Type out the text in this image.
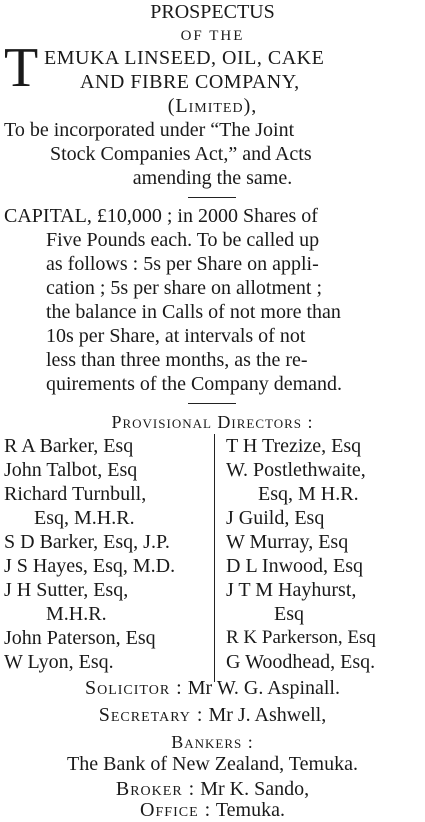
PROSPECTUS
OF THE
T EMUKA LINSEED, OIL, CAKE
AND FIBRE COMPANY,
(Limited),
To be incorporated under “The Joint
Stock Companies Act,” and Acts
amending the same.
CAPITAL, £10,000 ; in 2000 Shares of
Five Pounds each. To be called up
as follows : 5s per Share on appli-
cation ; 5s per share on allotment ;
the balance in Calls of not more than
10s per Share, at intervals of not
less than three months, as the re-
quirements of the Company demand.
Provisional Directors :
R A Barker, Esq
John Talbot, Esq
Richard Turnbull,
Esq, M.H.R.
S D Barker, Esq, J.P.
J S Hayes, Esq, M.D.
J H Sutter, Esq,
M.H.R.
John Paterson, Esq
W Lyon, Esq.
T H Trezize, Esq
W. Postlethwaite,
Esq, M H.R.
J Guild, Esq
W Murray, Esq
D L Inwood, Esq
J T M Hayhurst,
Esq
R K Parkerson, Esq
G Woodhead, Esq.
Solicitor : Mr W. G. Aspinall.
Secretary : Mr J. Ashwell,
Bankers :
The Bank of New Zealand, Temuka.
Broker : Mr K. Sando,
Office : Temuka.
